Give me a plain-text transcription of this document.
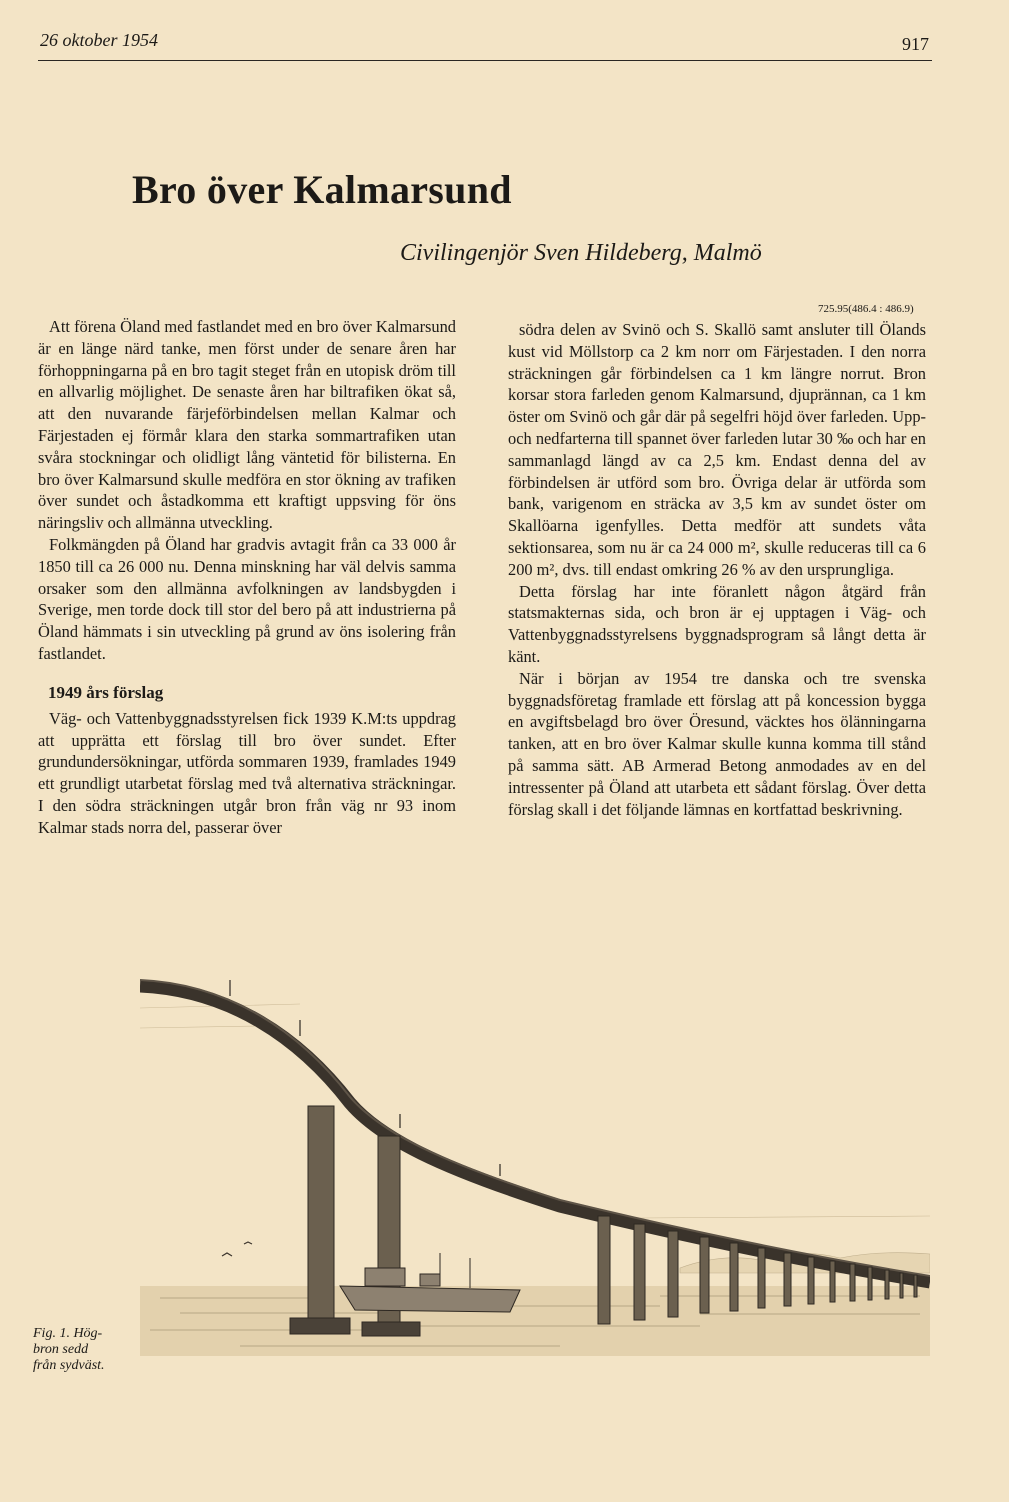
26 oktober 1954	917
Bro över Kalmarsund
Civilingenjör Sven Hildeberg, Malmö
725.95(486.4 : 486.9)

Att förena Öland med fastlandet med en bro över Kalmarsund är en länge närd tanke, men först under de senare åren har förhoppningarna på en bro tagit steget från en utopisk dröm till en allvarlig möjlighet. De senaste åren har biltrafiken ökat så, att den nuvarande färjeförbindelsen mellan Kalmar och Färjestaden ej förmår klara den starka sommartrafiken utan svåra stockningar och olidligt lång väntetid för bilisterna. En bro över Kalmarsund skulle medföra en stor ökning av trafiken över sundet och åstadkomma ett kraftigt uppsving för öns näringsliv och allmänna utveckling.

Folkmängden på Öland har gradvis avtagit från ca 33 000 år 1850 till ca 26 000 nu. Denna minskning har väl delvis samma orsaker som den allmänna avfolkningen av landsbygden i Sverige, men torde dock till stor del bero på att industrierna på Öland hämmats i sin utveckling på grund av öns isolering från fastlandet.

1949 års förslag

Väg- och Vattenbyggnadsstyrelsen fick 1939 K.M:ts uppdrag att upprätta ett förslag till bro över sundet. Efter grundundersökningar, utförda sommaren 1939, framlades 1949 ett grundligt utarbetat förslag med två alternativa sträckningar. I den södra sträckningen utgår bron från väg nr 93 inom Kalmar stads norra del, passerar över

södra delen av Svinö och S. Skallö samt ansluter till Ölands kust vid Möllstorp ca 2 km norr om Färjestaden. I den norra sträckningen går förbindelsen ca 1 km längre norrut. Bron korsar stora farleden genom Kalmarsund, djuprännan, ca 1 km öster om Svinö och går där på segelfri höjd över farleden. Upp- och nedfarterna till spannet över farleden lutar 30 ‰ och har en sammanlagd längd av ca 2,5 km. Endast denna del av förbindelsen är utförd som bro. Övriga delar är utförda som bank, varigenom en sträcka av 3,5 km av sundet öster om Skallöarna igenfylles. Detta medför att sundets våta sektionsarea, som nu är ca 24 000 m², skulle reduceras till ca 6 200 m², dvs. till endast omkring 26 % av den ursprungliga.

Detta förslag har inte föranlett någon åtgärd från statsmakternas sida, och bron är ej upptagen i Väg- och Vattenbyggnadsstyrelsens byggnadsprogram så långt detta är känt.

När i början av 1954 tre danska och tre svenska byggnadsföretag framlade ett förslag att på koncession bygga en avgiftsbelagd bro över Öresund, väcktes hos ölänningarna tanken, att en bro över Kalmar skulle kunna komma till stånd på samma sätt. AB Armerad Betong anmodades av en del intressenter på Öland att utarbeta ett sådant förslag. Över detta förslag skall i det följande lämnas en kortfattad beskrivning.

Fig. 1. Hög-
bron sedd
från sydväst.
